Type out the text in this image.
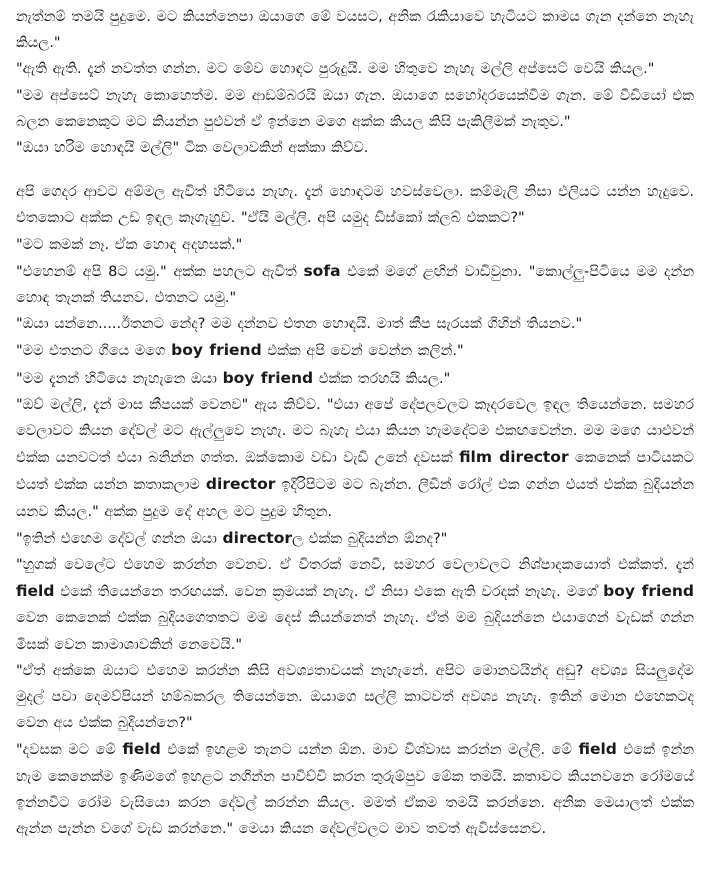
නැත්නම් තමයි පුදුමෙ. මට කියන්නෙපා ඔයාගෙ මේ වයසට, අනික රැකියාවෙ හැටියට කාමය ගැන දන්නෙ නැහැ කියල."

"ඇති ඇති. දැන් නවත්ත ගන්න. මට මේව හොඳට පුරුදුයි. මම හිතුවෙ නැහැ මල්ලි අප්සෙට් වෙයි කියල."

"මම අප්සෙට් නැහැ කොහෙත්ම. මම ආඩම්බරයි ඔයා ගැන. ඔයාගෙ සහෝදරයෙක්වීම ගැන. මේ වීඩියෝ එක බලන කෙනෙකුට මට කියන්න පුළුවන් ඒ ඉන්නෙ මගෙ අක්ක කියල කිසි පැකිලීමක් නැතුව."

"ඔයා හරිම හොඳයි මල්ලි" ටික වෙලාවකින් අක්කා කිව්ව.

අපි ගෙදර ආවට අම්මල ඇවිත් හිටියෙ නැහැ. දැන් හොඳටම හවස්වෙලා. කම්මැලි නිසා එලියට යන්න හැදුවෙ. එතකොට අක්ක උඩ ඉඳල කෑගැහුව. "ඒයි මල්ලි. අපි යමුද ඩිස්කෝ ක්ලබ් එකකට?"

"මට කමක් නෑ. ඒක හොඳ අදහසක්."

"එහෙනම් අපි 8ට යමු." අක්ක පහලට ඇවිත් sofa එකේ මගේ ළඟින් වාඩිවුනා. "කොල්ලු-පිටියෙ මම දන්න හොඳ තැනක් තියනව. එතනට යමු."

"ඔයා යන්නෙ.....ඊතනට නේද? මම දන්නව එතන හොඳයි. මාත් කීප සැරයක් ගිහින් තියනව."

"මම එතනට ගියෙ මගෙ boy friend එක්ක අපි වෙන් වෙන්න කලින්."

"මම දැනන් හිටියෙ නැහැනෙ ඔයා boy friend එක්ක තරහයි කියල."

"ඔව් මල්ලි, දැන් මාස කීපයක් වෙනව" ඇය කිව්ව. "එයා අපේ දේපලවලට කෑදරවෙල ඉඳල තියෙන්නෙ. සමහර වෙලාවට කියන දේවල් මට ඇල්ලුවෙ නැහැ. මට බැහැ එයා කියන හැමදේටම එකඟවෙන්න. මම මගෙ යාළුවන් එක්ක යනවටත් එයා බනින්න ගත්ත. ඔක්කොම වඩා වැඩි උනේ දවසක් film director කෙනෙක් පාටියකට එයත් එක්ක යන්න කතාකලාම director ඉදිරිපිටම මට බැන්න. ලීඩින් රෝල් එක ගන්න එයත් එක්ක බුදියන්න යනව කියල." අක්ක පුදුම දේ අහල මට පුදුම හිතුන.

"ඉතින් එහෙම දේවල් ගන්න ඔයා directorල එක්ක බුදියන්න ඕනද?"

"හුගක් වෙලේට එහෙම කරන්න වෙනව. ඒ විතරක් නෙවී, සමහර වෙලාවලට නිශ්පාදකයොත් එක්කත්. දැන් field එකේ තියෙන්නෙ තරඟයක්. වෙන ක්‍රමයක් නැහැ. ඒ නිසා එකෙ ඇති වරදක් නැහැ. මගේ boy friend වෙන කෙනෙක් එක්ක බුදියගෙතතට මම දෙස් කියන්නෙත් නැහැ. ඒත් මම බුදියන්නෙ එයාගෙන් වැඩක් ගන්න මිසක් වෙන කාමාශාවකින් නෙවෙයි."

"ඒත් අක්කෙ ඔයාට එහෙම කරන්න කිසි අවශ්‍යතාවයක් නැහැනේ. අපිට මොනවයින්ද අඩු? අවශ්‍ය සියලුදේම මුදල් පවා දෙමව්පියන් හම්බකරල තියෙන්නෙ. ඔයාගෙ සල්ලි කාටවත් අවශ්‍ය නැහැ. ඉතින් මොන එහෙකටද වෙන අය එක්ක බුදියන්නෙ?"

"දවසක මට මේ field එකේ ඉහළම තැනට යන්න ඕන. මාව විශ්වාස කරන්න මල්ලි. මේ field එකේ ඉන්න හැම කෙනෙක්ම ඉණිමගේ ඉහළට නගින්න පාවිච්චි කරන තුරුම්පුව මේක තමයි. කතාවට කියනවනෙ රෝමයේ ඉන්නවිට රෝම වැසියො කරන දේවල් කරන්න කියල. මමත් ඒකම තමයි කරන්නෙ. අනික මෙයාලත් එක්ක ඇන්න පැන්න වගේ වැඩ කරන්නෙ." මෙයා කියන දේවල්වලට මාව තවත් ඇවිස්සෙනව.
